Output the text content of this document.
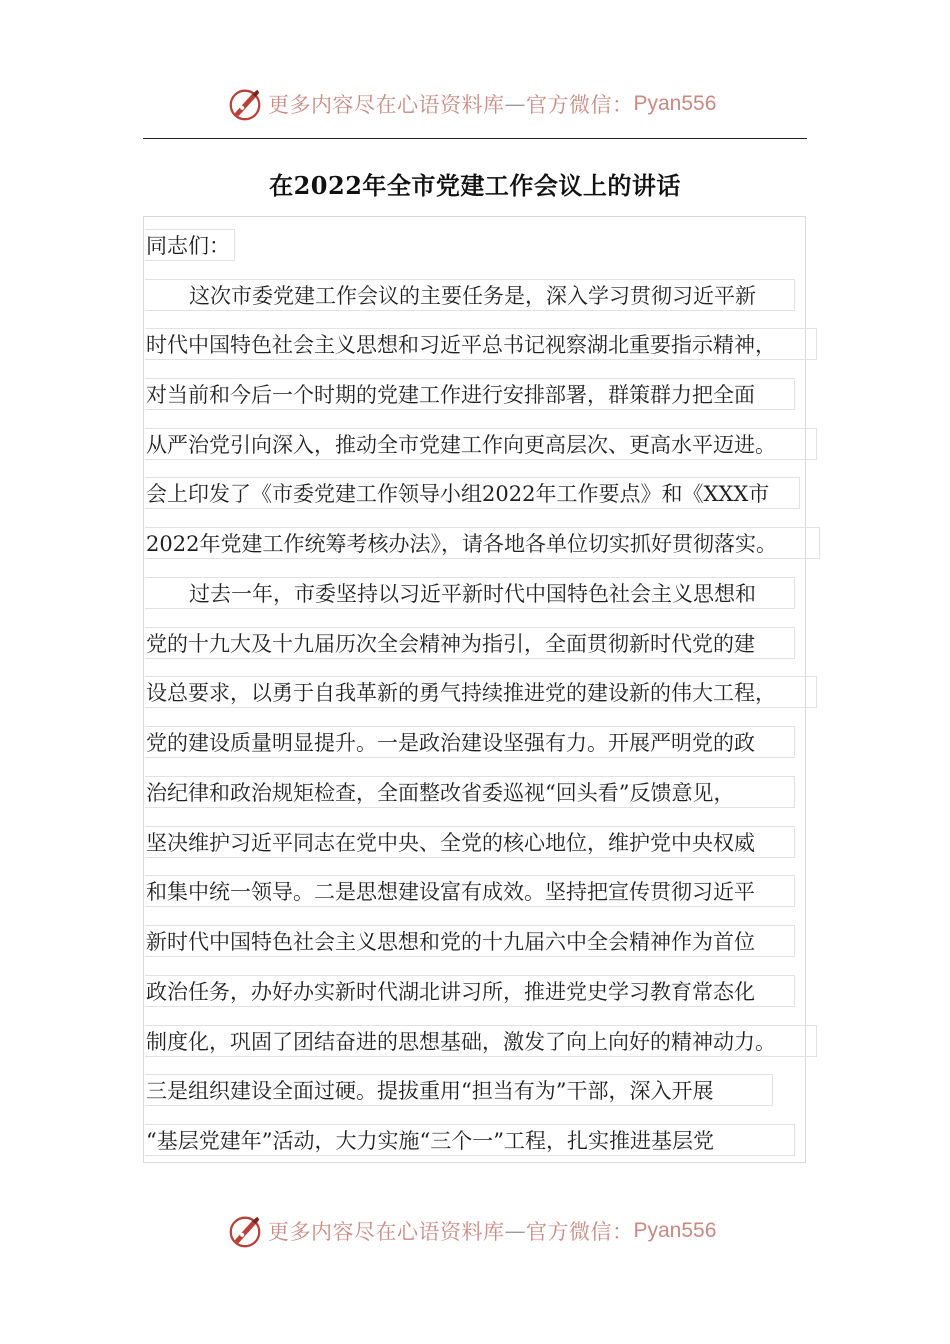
更多内容尽在心语资料库 — 官方微信： Pyan556
在2022年全市党建工作会议上的讲话
同志们：
这次市委党建工作会议的主要任务是，深入学习贯彻习近平新
时代中国特色社会主义思想和习近平总书记视察湖北重要指示精神，
对当前和今后一个时期的党建工作进行安排部署，群策群力把全面
从严治党引向深入，推动全市党建工作向更高层次、更高水平迈进。
会上印发了《市委党建工作领导小组2022年工作要点》和《XXX市
2022年党建工作统筹考核办法》，请各地各单位切实抓好贯彻落实。
过去一年，市委坚持以习近平新时代中国特色社会主义思想和
党的十九大及十九届历次全会精神为指引，全面贯彻新时代党的建
设总要求，以勇于自我革新的勇气持续推进党的建设新的伟大工程，
党的建设质量明显提升。一是政治建设坚强有力。开展严明党的政
治纪律和政治规矩检查，全面整改省委巡视“回头看”反馈意见，
坚决维护习近平同志在党中央、全党的核心地位，维护党中央权威
和集中统一领导。二是思想建设富有成效。坚持把宣传贯彻习近平
新时代中国特色社会主义思想和党的十九届六中全会精神作为首位
政治任务，办好办实新时代湖北讲习所，推进党史学习教育常态化
制度化，巩固了团结奋进的思想基础，激发了向上向好的精神动力。
三是组织建设全面过硬。提拔重用“担当有为”干部，深入开展
“基层党建年”活动，大力实施“三个一”工程，扎实推进基层党
更多内容尽在心语资料库 — 官方微信： Pyan556
